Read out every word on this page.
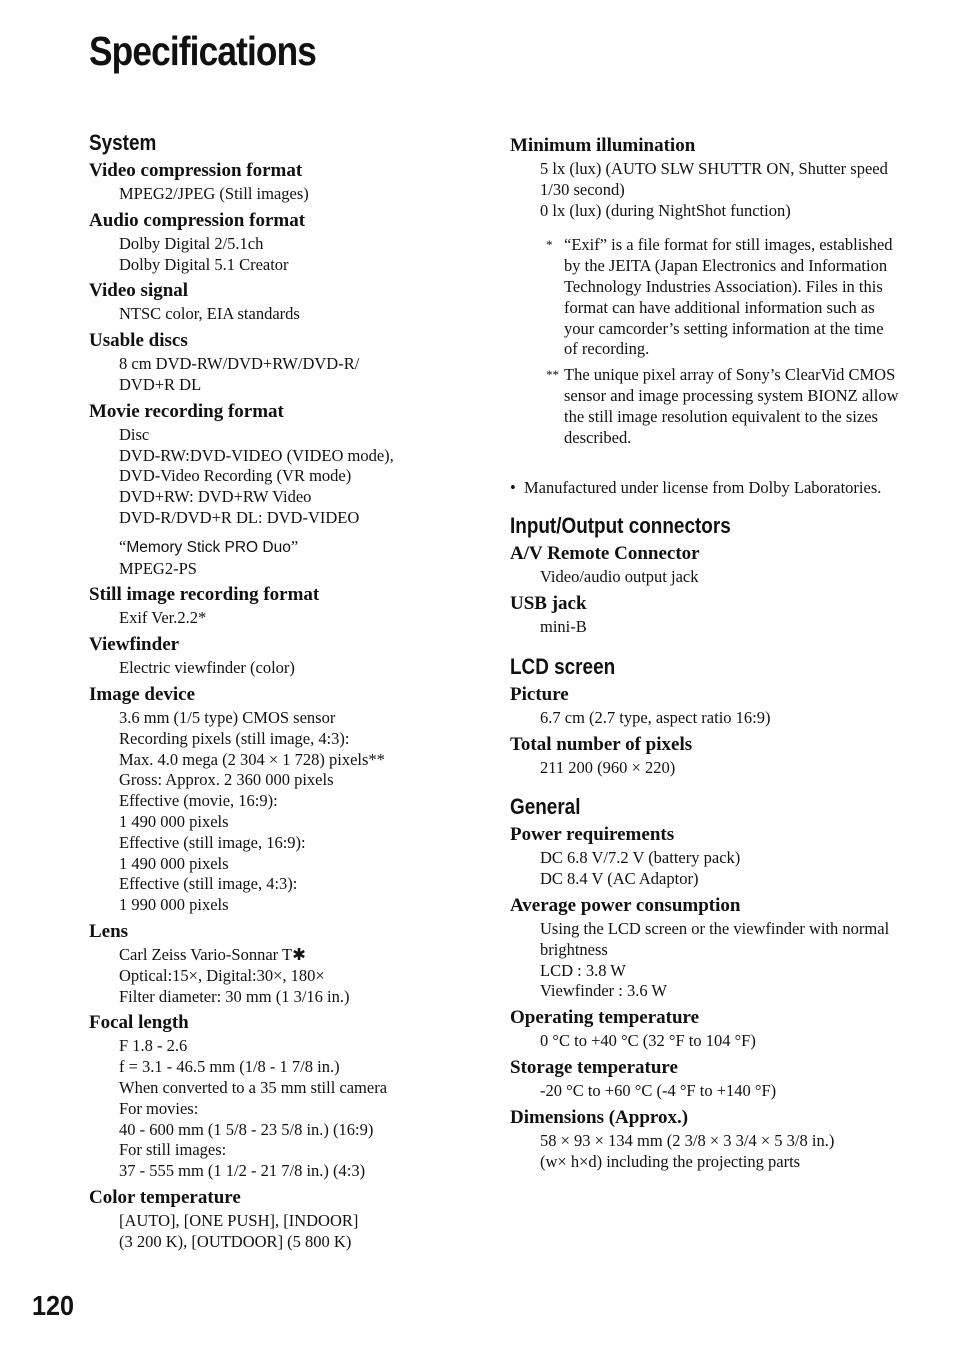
Specifications
System

Video compression format

MPEG2/JPEG (Still images)

Audio compression format

Dolby Digital 2/5.1ch
Dolby Digital 5.1 Creator

Video signal

NTSC color, EIA standards

Usable discs

8 cm DVD-RW/DVD+RW/DVD-R/
DVD+R DL

Movie recording format

Disc
DVD-RW:DVD-VIDEO (VIDEO mode),
DVD-Video Recording (VR mode)
DVD+RW: DVD+RW Video
DVD-R/DVD+R DL: DVD-VIDEO

“Memory Stick PRO Duo”

MPEG2-PS

Still image recording format

Exif Ver.2.2*

Viewfinder

Electric viewfinder (color)

Image device

3.6 mm (1/5 type) CMOS sensor
Recording pixels (still image, 4:3):
Max. 4.0 mega (2 304 × 1 728) pixels**
Gross: Approx. 2 360 000 pixels
Effective (movie, 16:9):
1 490 000 pixels
Effective (still image, 16:9):
1 490 000 pixels
Effective (still image, 4:3):
1 990 000 pixels

Lens

Carl Zeiss Vario-Sonnar T✱
Optical:15×, Digital:30×, 180×
Filter diameter: 30 mm (1 3/16 in.)

Focal length

F 1.8 - 2.6
f = 3.1 - 46.5 mm (1/8 - 1 7/8 in.)
When converted to a 35 mm still camera
For movies:
40 - 600 mm (1 5/8 - 23 5/8 in.) (16:9)
For still images:
37 - 555 mm (1 1/2 - 21 7/8 in.) (4:3)

Color temperature

[AUTO], [ONE PUSH], [INDOOR]
(3 200 K), [OUTDOOR] (5 800 K)

Minimum illumination

5 lx (lux) (AUTO SLW SHUTTR ON, Shutter speed 1/30 second)
0 lx (lux) (during NightShot function)

* “Exif” is a file format for still images, established by the JEITA (Japan Electronics and Information Technology Industries Association). Files in this format can have additional information such as your camcorder’s setting information at the time of recording.
** The unique pixel array of Sony’s ClearVid CMOS sensor and image processing system BIONZ allow the still image resolution equivalent to the sizes described.
• Manufactured under license from Dolby Laboratories.
Input/Output connectors

A/V Remote Connector

Video/audio output jack

USB jack

mini-B

LCD screen

Picture

6.7 cm (2.7 type, aspect ratio 16:9)

Total number of pixels

211 200 (960 × 220)

General

Power requirements

DC 6.8 V/7.2 V (battery pack)
DC 8.4 V (AC Adaptor)

Average power consumption

Using the LCD screen or the viewfinder with normal brightness
LCD : 3.8 W
Viewfinder : 3.6 W

Operating temperature

0 °C to +40 °C (32 °F to 104 °F)

Storage temperature

-20 °C to +60 °C (-4 °F to +140 °F)

Dimensions (Approx.)

58 × 93 × 134 mm (2 3/8 × 3 3/4 × 5 3/8 in.)
(w× h×d) including the projecting parts

120
